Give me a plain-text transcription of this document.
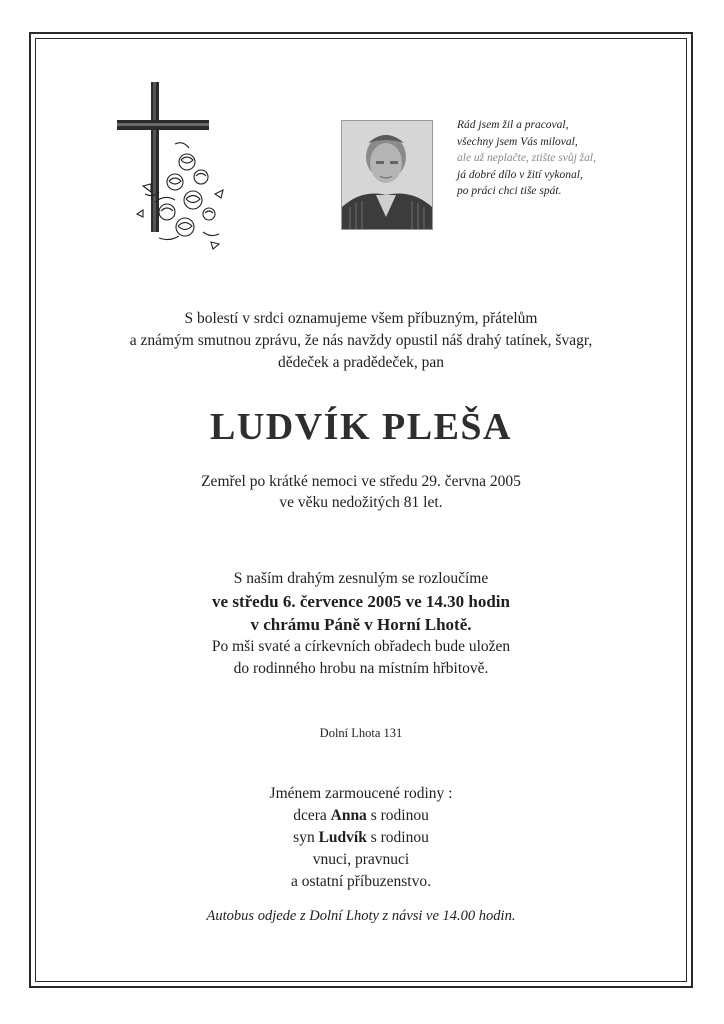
Rád jsem žil a pracoval,
všechny jsem Vás miloval,
ale už neplačte, ztište svůj žal,
já dobré dílo v žití vykonal,
po práci chci tiše spát.
S bolestí v srdci oznamujeme všem příbuzným, přátelům
a známým smutnou zprávu, že nás navždy opustil náš drahý tatínek, švagr,
dědeček a pradědeček, pan
LUDVÍK PLEŠA
Zemřel po krátké nemoci ve středu 29. června 2005
ve věku nedožitých 81 let.
S naším drahým zesnulým se rozloučíme
ve středu 6. července 2005 ve 14.30 hodin
v chrámu Páně v Horní Lhotě.
Po mši svaté a církevních obřadech bude uložen
do rodinného hrobu na místním hřbitově.
Dolní Lhota 131
Jménem zarmoucené rodiny :
dcera Anna s rodinou
syn Ludvík s rodinou
vnuci, pravnuci
a ostatní příbuzenstvo.
Autobus odjede z Dolní Lhoty z návsi ve 14.00 hodin.
